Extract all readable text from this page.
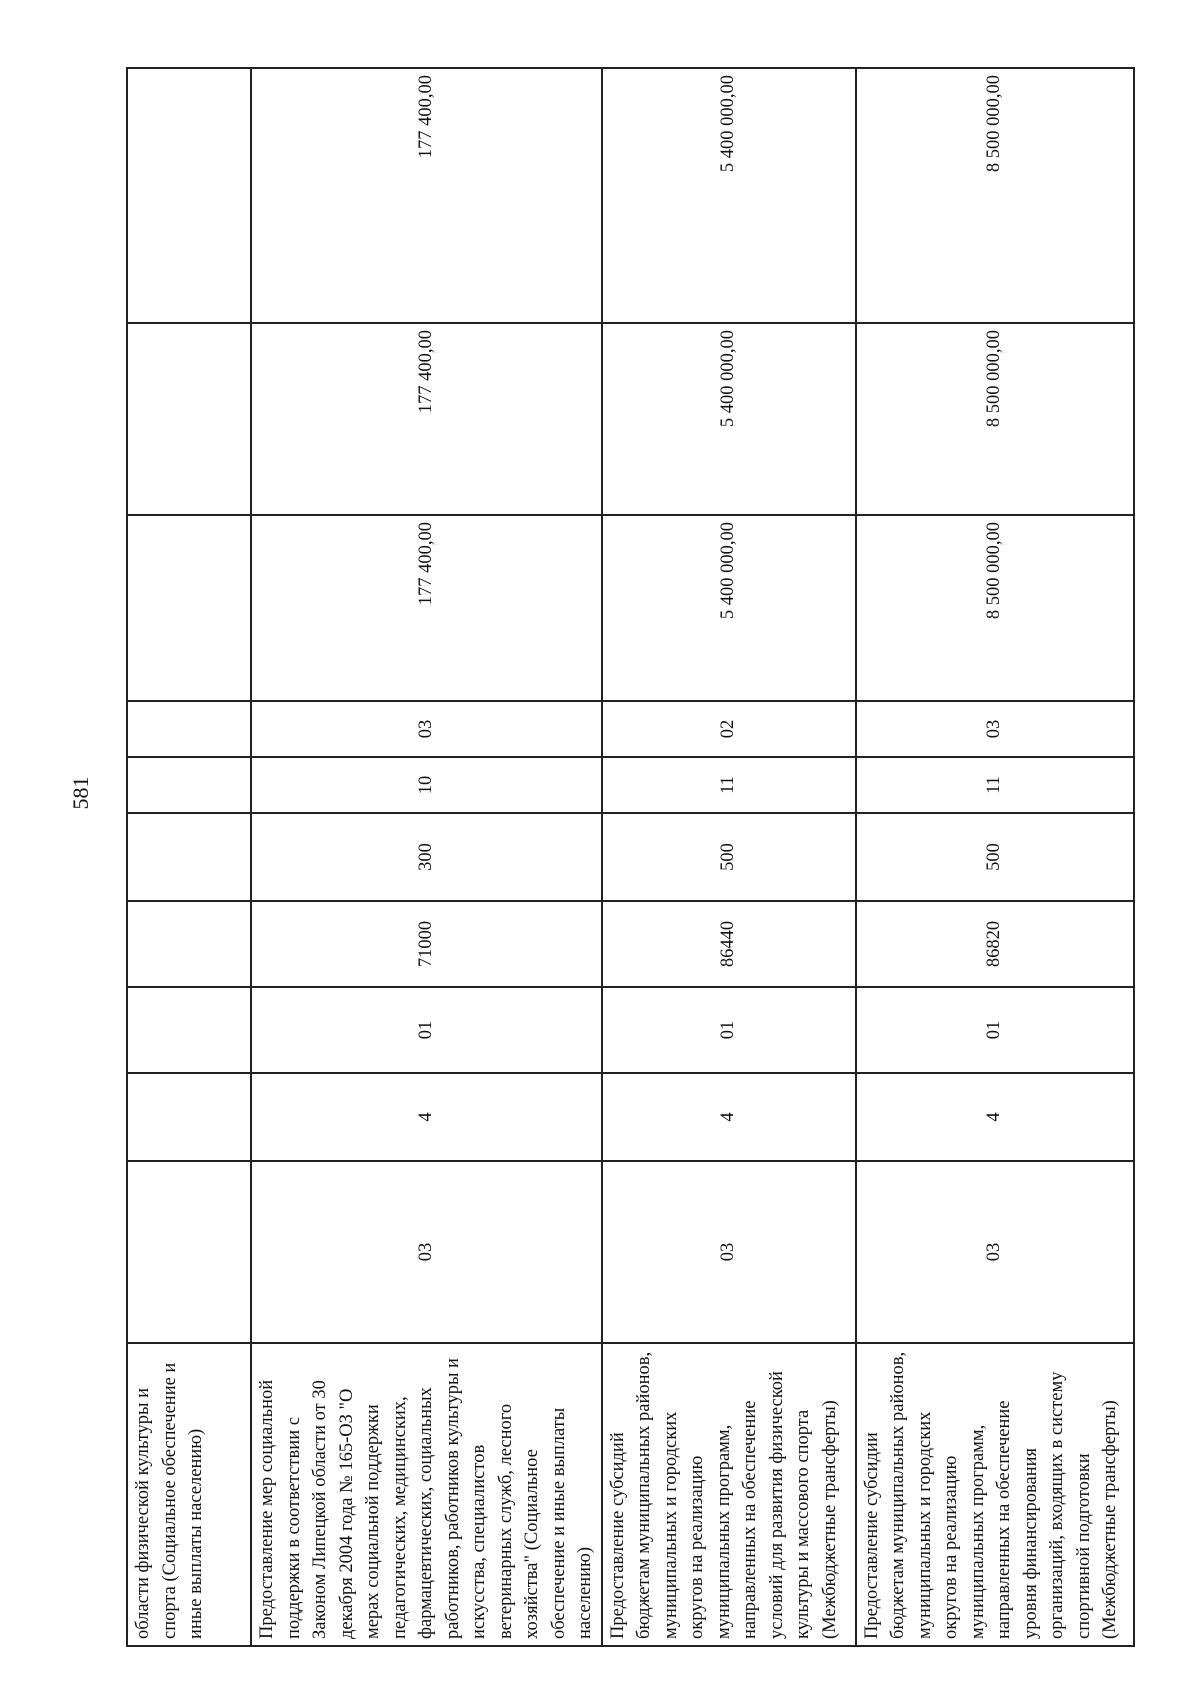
581
области физической культуры и спорта (Социальное обеспечение и иные выплаты населению)										
Предоставление мер социальной поддержки в соответствии с Законом Липецкой области от 30 декабря 2004 года № 165-ОЗ "О мерах социальной поддержки педагогических, медицинских, фармацевтических, социальных работников, работников культуры и искусства, специалистов ветеринарных служб, лесного хозяйства" (Социальное обеспечение и иные выплаты населению)	03	4	01	71000	300	10	03	177 400,00	177 400,00	177 400,00
Предоставление субсидий бюджетам муниципальных районов, муниципальных и городских округов на реализацию муниципальных программ, направленных на обеспечение условий для развития физической культуры и массового спорта (Межбюджетные трансферты)	03	4	01	86440	500	11	02	5 400 000,00	5 400 000,00	5 400 000,00
Предоставление субсидии бюджетам муниципальных районов, муниципальных и городских округов на реализацию муниципальных программ, направленных на обеспечение уровня финансирования организаций, входящих в систему спортивной подготовки (Межбюджетные трансферты)	03	4	01	86820	500	11	03	8 500 000,00	8 500 000,00	8 500 000,00
